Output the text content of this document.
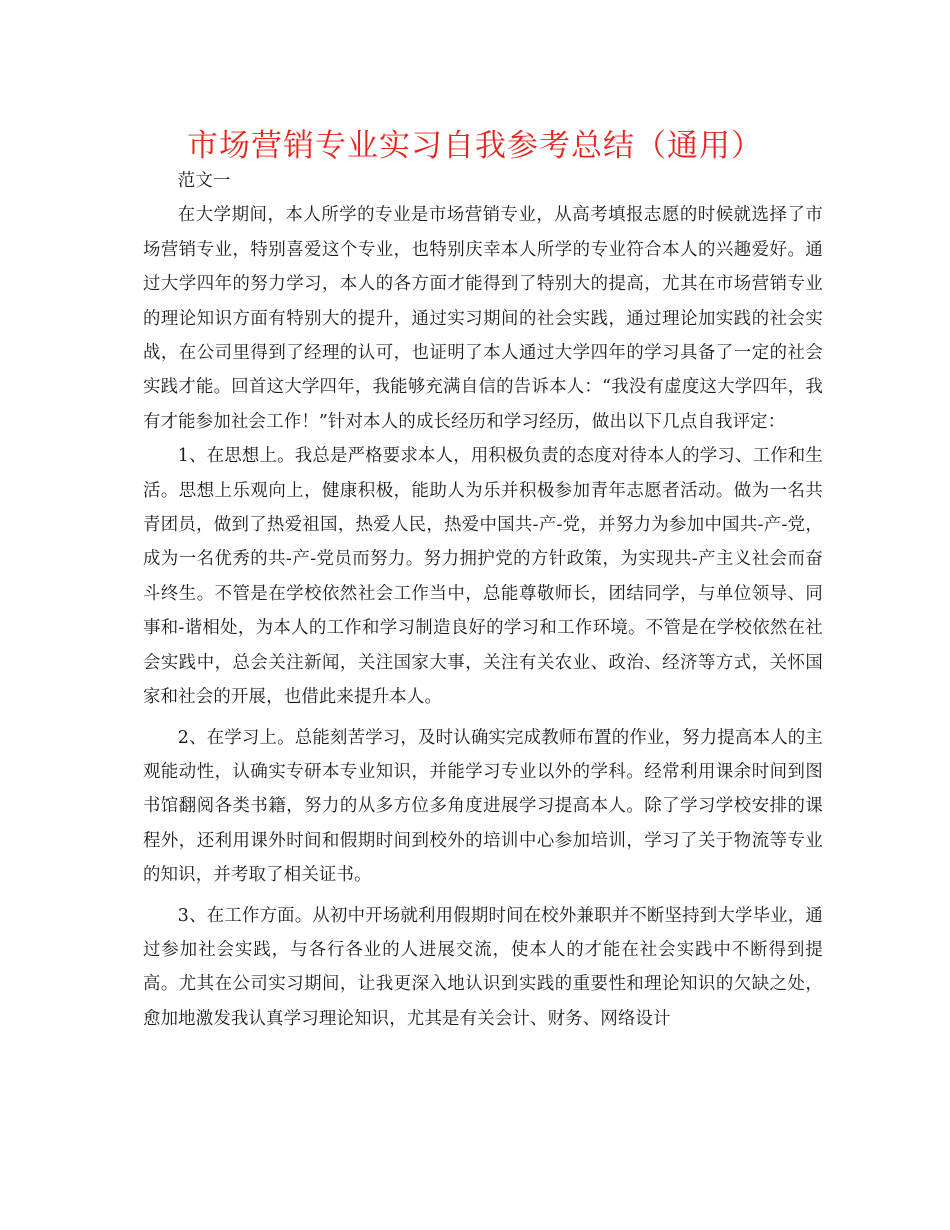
市场营销专业实习自我参考总结（通用）

范文一

在大学期间，本人所学的专业是市场营销专业，从高考填报志愿的时候就选择了市场营销专业，特别喜爱这个专业，也特别庆幸本人所学的专业符合本人的兴趣爱好。通过大学四年的努力学习，本人的各方面才能得到了特别大的提高，尤其在市场营销专业的理论知识方面有特别大的提升，通过实习期间的社会实践，通过理论加实践的社会实战，在公司里得到了经理的认可，也证明了本人通过大学四年的学习具备了一定的社会实践才能。回首这大学四年，我能够充满自信的告诉本人：“我没有虚度这大学四年，我有才能参加社会工作！”针对本人的成长经历和学习经历，做出以下几点自我评定：

1、在思想上。我总是严格要求本人，用积极负责的态度对待本人的学习、工作和生活。思想上乐观向上，健康积极，能助人为乐并积极参加青年志愿者活动。做为一名共青团员，做到了热爱祖国，热爱人民，热爱中国共-产-党，并努力为参加中国共-产-党，成为一名优秀的共-产-党员而努力。努力拥护党的方针政策，为实现共-产主义社会而奋斗终生。不管是在学校依然社会工作当中，总能尊敬师长，团结同学，与单位领导、同事和-谐相处，为本人的工作和学习制造良好的学习和工作环境。不管是在学校依然在社会实践中，总会关注新闻，关注国家大事，关注有关农业、政治、经济等方式，关怀国家和社会的开展，也借此来提升本人。

2、在学习上。总能刻苦学习，及时认确实完成教师布置的作业，努力提高本人的主观能动性，认确实专研本专业知识，并能学习专业以外的学科。经常利用课余时间到图书馆翻阅各类书籍，努力的从多方位多角度进展学习提高本人。除了学习学校安排的课程外，还利用课外时间和假期时间到校外的培训中心参加培训，学习了关于物流等专业的知识，并考取了相关证书。

3、在工作方面。从初中开场就利用假期时间在校外兼职并不断坚持到大学毕业，通过参加社会实践，与各行各业的人进展交流，使本人的才能在社会实践中不断得到提高。尤其在公司实习期间，让我更深入地认识到实践的重要性和理论知识的欠缺之处，愈加地激发我认真学习理论知识，尤其是有关会计、财务、网络设计
